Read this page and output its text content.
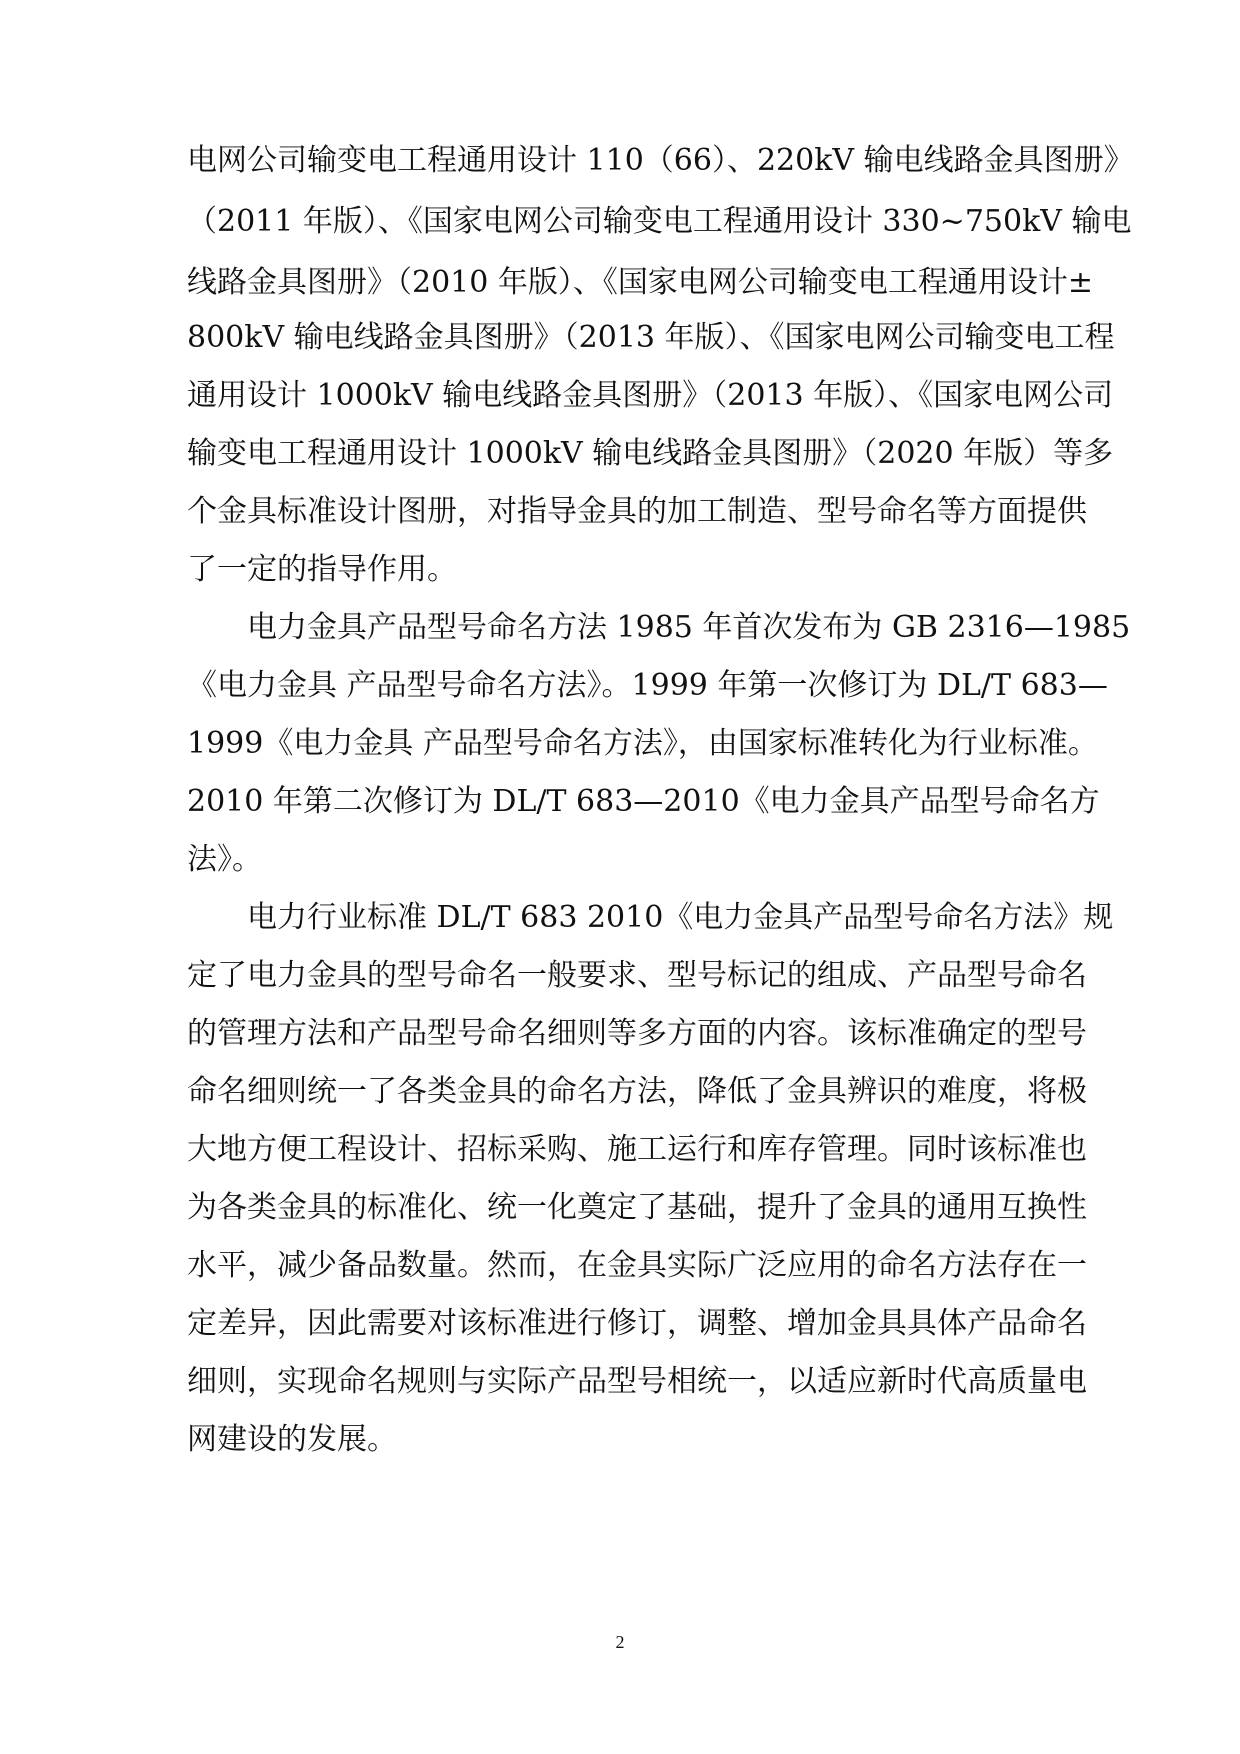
电网公司输变电工程通用设计 110（66）、220kV 输电线路金具图册》
（2011 年版）、《国家电网公司输变电工程通用设计 330~750kV 输电
线路金具图册》（2010 年版）、《国家电网公司输变电工程通用设计±
800kV 输电线路金具图册》（2013 年版）、《国家电网公司输变电工程
通用设计 1000kV 输电线路金具图册》（2013 年版）、《国家电网公司
输变电工程通用设计 1000kV 输电线路金具图册》（2020 年版）等多
个金具标准设计图册，对指导金具的加工制造、型号命名等方面提供
了一定的指导作用。
电力金具产品型号命名方法 1985 年首次发布为 GB 2316—1985
《电力金具 产品型号命名方法》。1999 年第一次修订为 DL/T 683—
1999《电力金具 产品型号命名方法》，由国家标准转化为行业标准。
2010 年第二次修订为 DL/T 683—2010《电力金具产品型号命名方
法》。
电力行业标准 DL/T 683 2010《电力金具产品型号命名方法》规
定了电力金具的型号命名一般要求、型号标记的组成、产品型号命名
的管理方法和产品型号命名细则等多方面的内容。该标准确定的型号
命名细则统一了各类金具的命名方法，降低了金具辨识的难度，将极
大地方便工程设计、招标采购、施工运行和库存管理。同时该标准也
为各类金具的标准化、统一化奠定了基础，提升了金具的通用互换性
水平，减少备品数量。然而，在金具实际广泛应用的命名方法存在一
定差异，因此需要对该标准进行修订，调整、增加金具具体产品命名
细则，实现命名规则与实际产品型号相统一，以适应新时代高质量电
网建设的发展。
2
